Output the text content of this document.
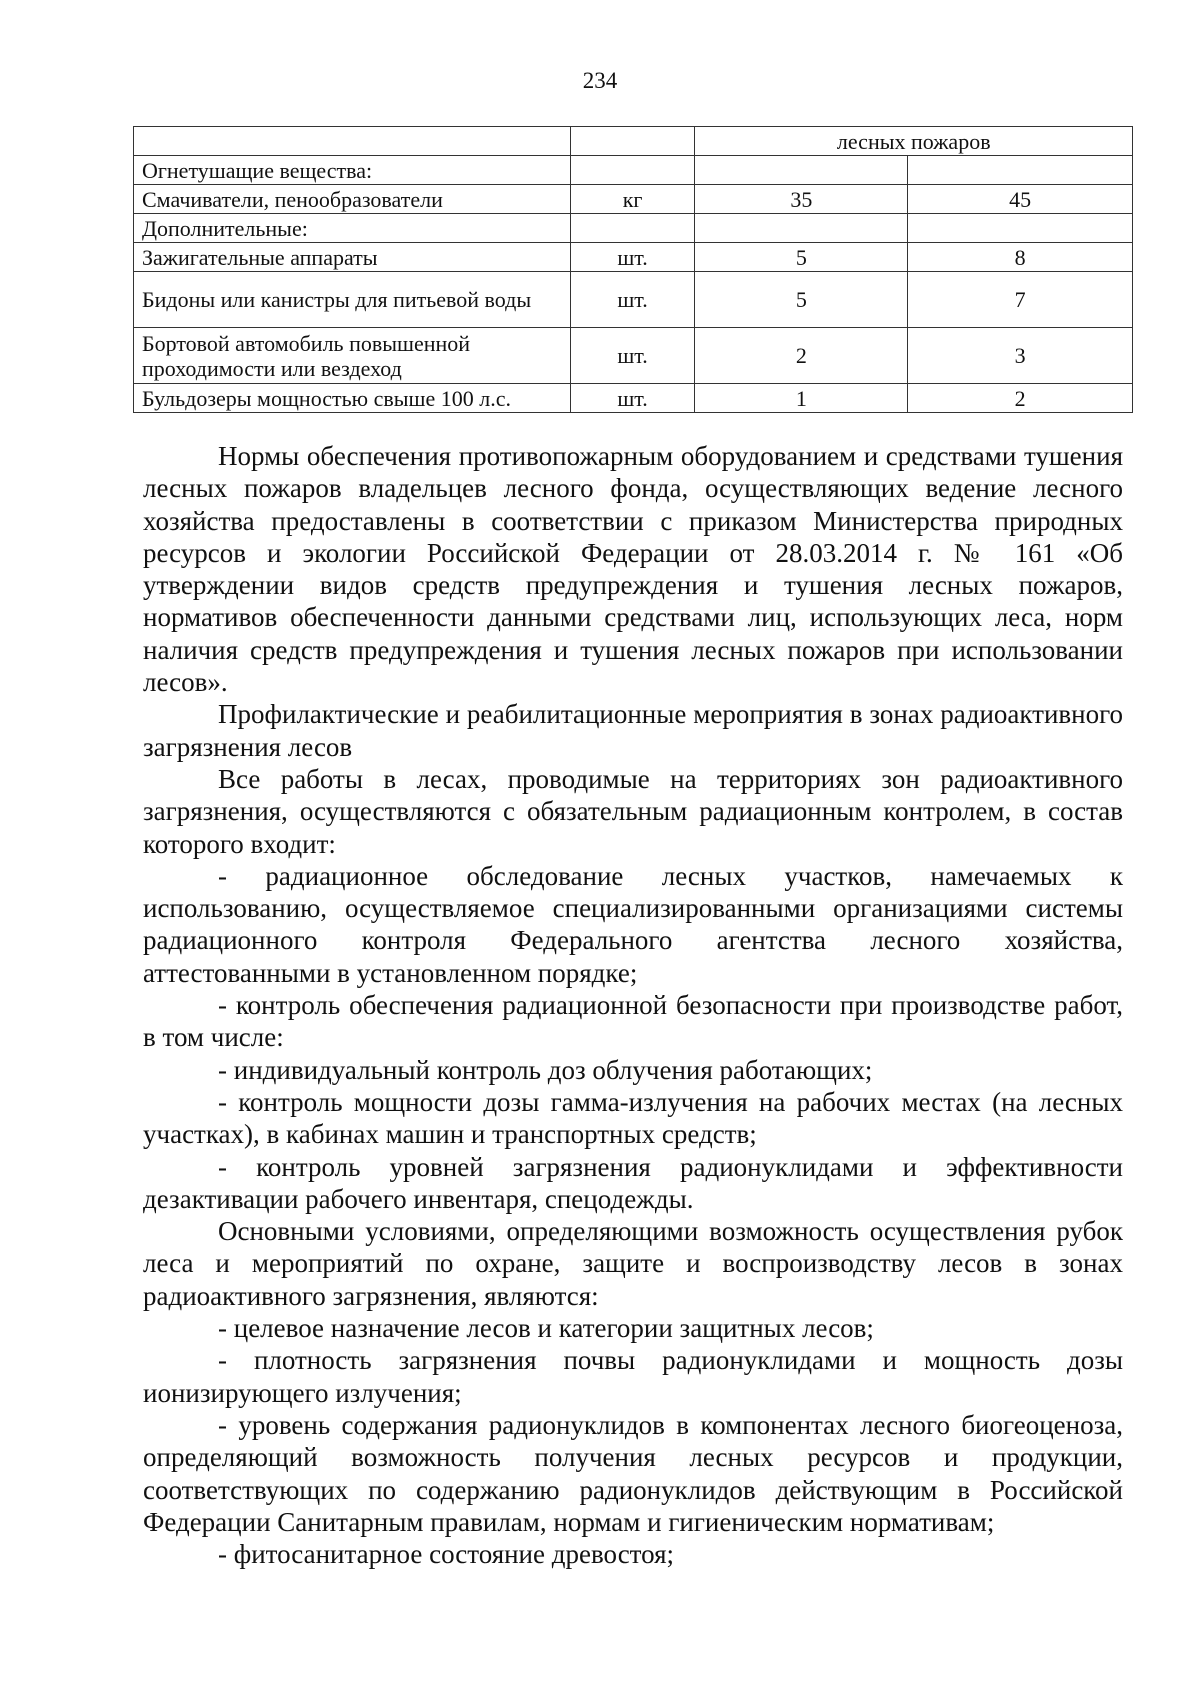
234
		лесных пожаров	
Огнетушащие вещества:			
Смачиватели, пенообразователи	кг	35	45
Дополнительные:			
Зажигательные аппараты	шт.	5	8
Бидоны или канистры для питьевой воды	шт.	5	7
Бортовой автомобиль повышенной проходимости или вездеход	шт.	2	3
Бульдозеры мощностью свыше 100 л.с.	шт.	1	2

Нормы обеспечения противопожарным оборудованием и средствами тушения лесных пожаров владельцев лесного фонда, осуществляющих ведение лесного хозяйства предоставлены в соответствии с приказом Министерства природных ресурсов и экологии Российской Федерации от 28.03.2014 г. № 161 «Об утверждении видов средств предупреждения и тушения лесных пожаров, нормативов обеспеченности данными средствами лиц, использующих леса, норм наличия средств предупреждения и тушения лесных пожаров при использовании лесов».

Профилактические и реабилитационные мероприятия в зонах радиоактивного загрязнения лесов

Все работы в лесах, проводимые на территориях зон радиоактивного загрязнения, осуществляются с обязательным радиационным контролем, в состав которого входит:

- радиационное обследование лесных участков, намечаемых к использованию, осуществляемое специализированными организациями системы радиационного контроля Федерального агентства лесного хозяйства, аттестованными в установленном порядке;

- контроль обеспечения радиационной безопасности при производстве работ, в том числе:

- индивидуальный контроль доз облучения работающих;

- контроль мощности дозы гамма-излучения на рабочих местах (на лесных участках), в кабинах машин и транспортных средств;

- контроль уровней загрязнения радионуклидами и эффективности дезактивации рабочего инвентаря, спецодежды.

Основными условиями, определяющими возможность осуществления рубок леса и мероприятий по охране, защите и воспроизводству лесов в зонах радиоактивного загрязнения, являются:

- целевое назначение лесов и категории защитных лесов;

- плотность загрязнения почвы радионуклидами и мощность дозы ионизирующего излучения;

- уровень содержания радионуклидов в компонентах лесного биогеоценоза, определяющий возможность получения лесных ресурсов и продукции, соответствующих по содержанию радионуклидов действующим в Российской Федерации Санитарным правилам, нормам и гигиеническим нормативам;

- фитосанитарное состояние древостоя;
